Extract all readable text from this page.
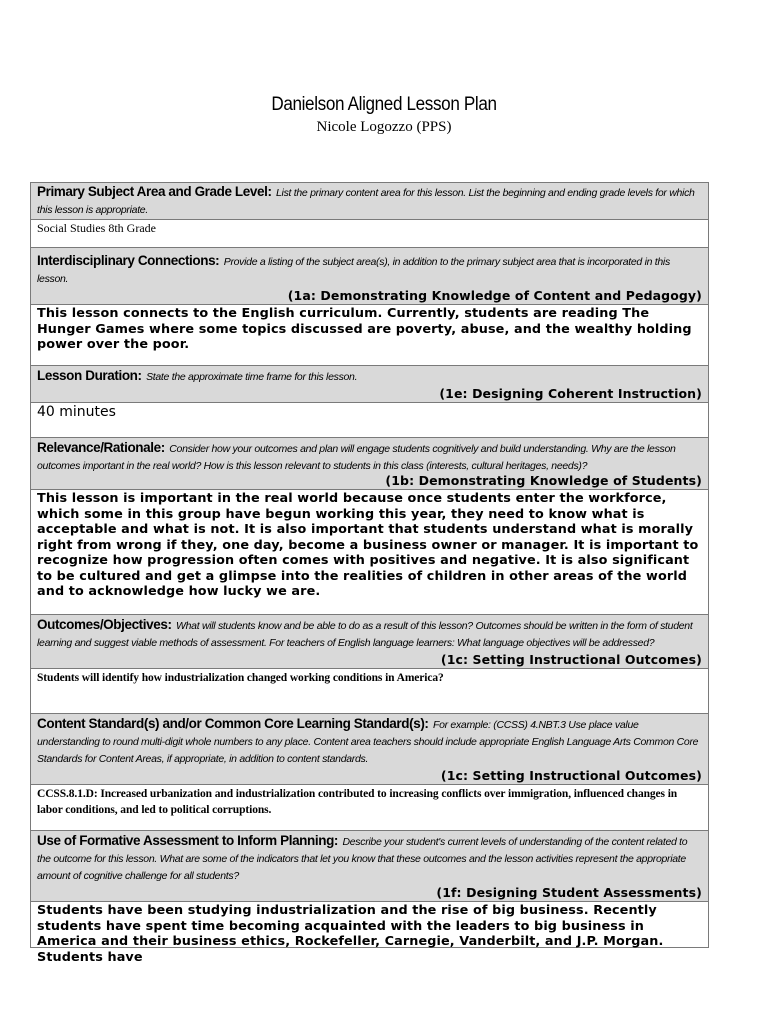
Danielson Aligned Lesson Plan
Nicole Logozzo (PPS)
Primary Subject Area and Grade Level: List the primary content area for this lesson. List the beginning and ending grade levels for which this lesson is appropriate.
Social Studies 8th Grade
Interdisciplinary Connections: Provide a listing of the subject area(s), in addition to the primary subject area that is incorporated in this lesson.
(1a: Demonstrating Knowledge of Content and Pedagogy)
This lesson connects to the English curriculum. Currently, students are reading The Hunger Games where some topics discussed are poverty, abuse, and the wealthy holding power over the poor.
Lesson Duration: State the approximate time frame for this lesson.
(1e: Designing Coherent Instruction)
40 minutes
Relevance/Rationale: Consider how your outcomes and plan will engage students cognitively and build understanding. Why are the lesson outcomes important in the real world? How is this lesson relevant to students in this class (interests, cultural heritages, needs)?
(1b: Demonstrating Knowledge of Students)
This lesson is important in the real world because once students enter the workforce, which some in this group have begun working this year, they need to know what is acceptable and what is not. It is also important that students understand what is morally right from wrong if they, one day, become a business owner or manager. It is important to recognize how progression often comes with positives and negative. It is also significant to be cultured and get a glimpse into the realities of children in other areas of the world and to acknowledge how lucky we are.
Outcomes/Objectives: What will students know and be able to do as a result of this lesson? Outcomes should be written in the form of student learning and suggest viable methods of assessment. For teachers of English language learners: What language objectives will be addressed?
(1c: Setting Instructional Outcomes)
Students will identify how industrialization changed working conditions in America?
Content Standard(s) and/or Common Core Learning Standard(s): For example: (CCSS) 4.NBT.3 Use place value understanding to round multi-digit whole numbers to any place. Content area teachers should include appropriate English Language Arts Common Core Standards for Content Areas, if appropriate, in addition to content standards.
(1c: Setting Instructional Outcomes)
CCSS.8.1.D: Increased urbanization and industrialization contributed to increasing conflicts over immigration, influenced changes in labor conditions, and led to political corruptions.
Use of Formative Assessment to Inform Planning: Describe your student's current levels of understanding of the content related to the outcome for this lesson. What are some of the indicators that let you know that these outcomes and the lesson activities represent the appropriate amount of cognitive challenge for all students?
(1f: Designing Student Assessments)
Students have been studying industrialization and the rise of big business. Recently students have spent time becoming acquainted with the leaders to big business in America and their business ethics, Rockefeller, Carnegie, Vanderbilt, and J.P. Morgan. Students have
